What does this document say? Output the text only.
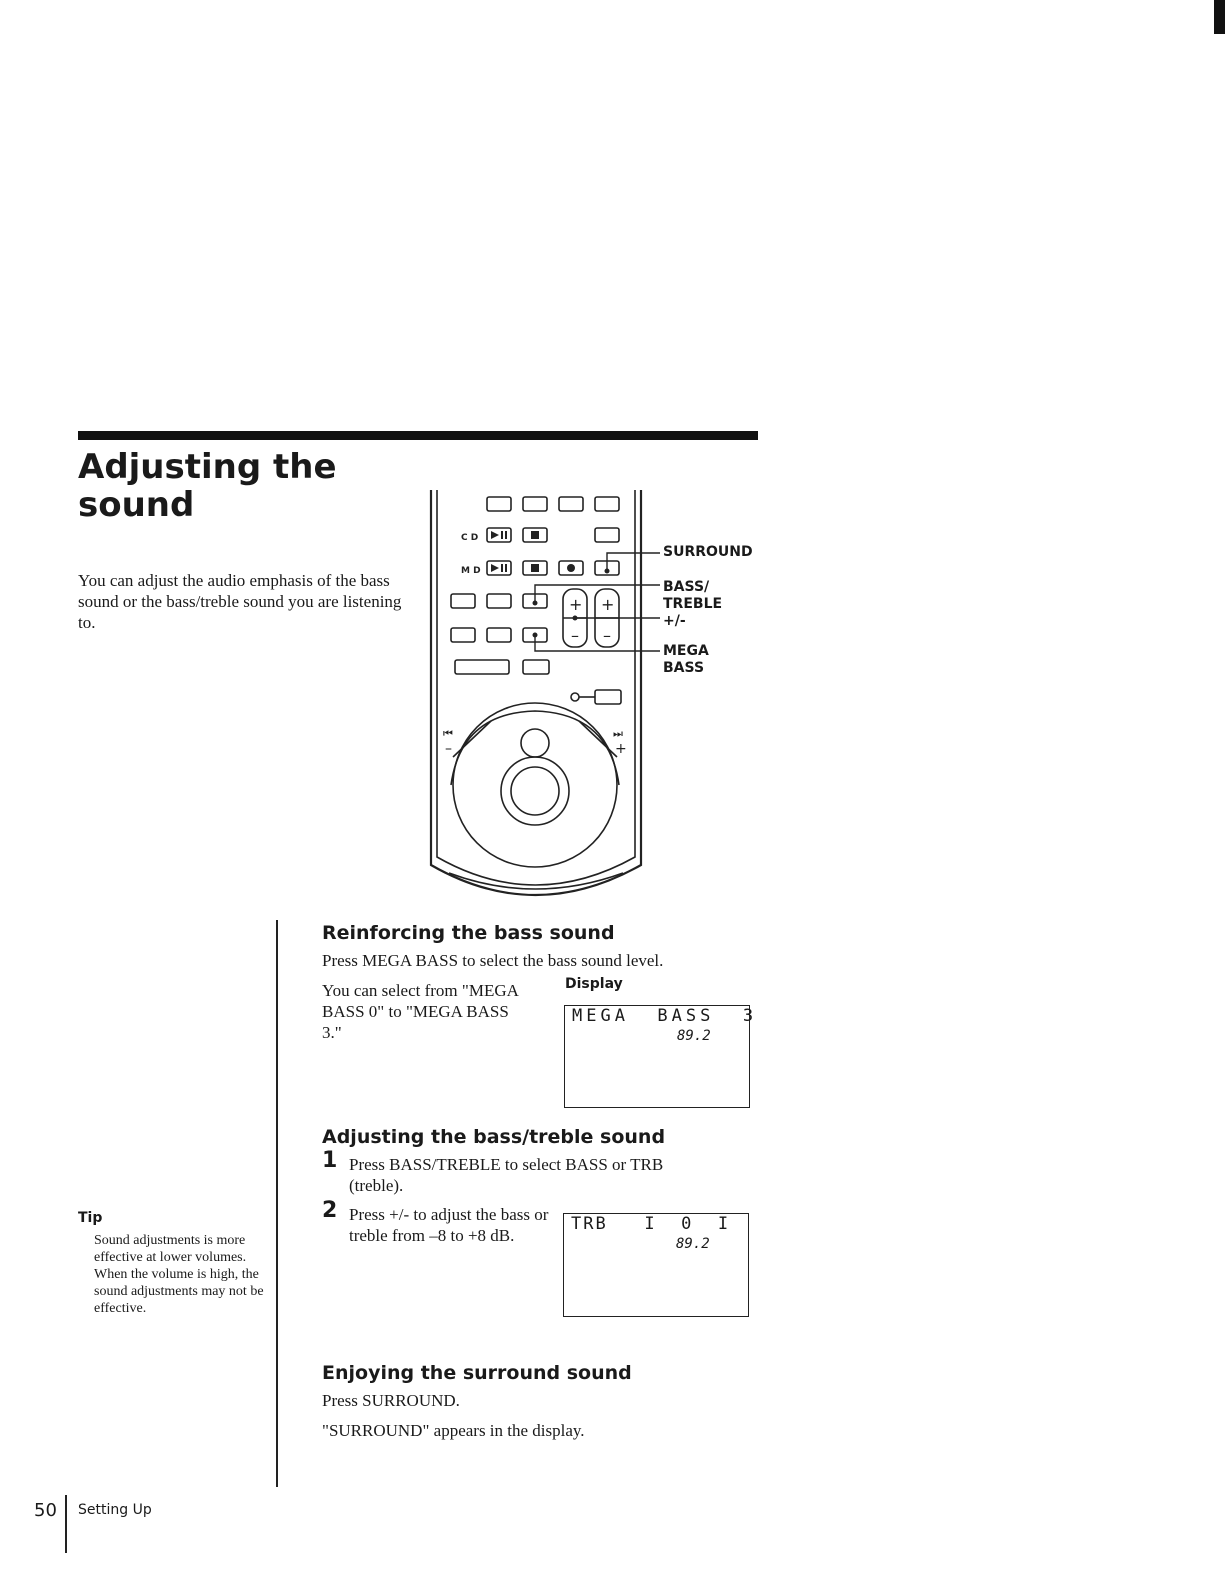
Adjusting the
sound
You can adjust the audio emphasis of the bass sound or the bass/treble sound you are listening to.
C D
M D
+ +
– –
⏮
–
⏭
+
SURROUND
BASS/
TREBLE
+/-
MEGA
BASS
Reinforcing the bass sound
Press MEGA BASS to select the bass sound level.
You can select from "MEGA BASS 0" to "MEGA BASS 3."
Display
MEGA  BASS  3
89.2
Adjusting the bass/treble sound
1 Press BASS/TREBLE to select BASS or TRB (treble).
2 Press +/- to adjust the bass or treble from –8 to +8 dB.
TRB   I  0  I
89.2
Enjoying the surround sound
Press SURROUND.
"SURROUND" appears in the display.
Tip
Sound adjustments is more effective at lower volumes. When the volume is high, the sound adjustments may not be effective.
50 Setting Up
